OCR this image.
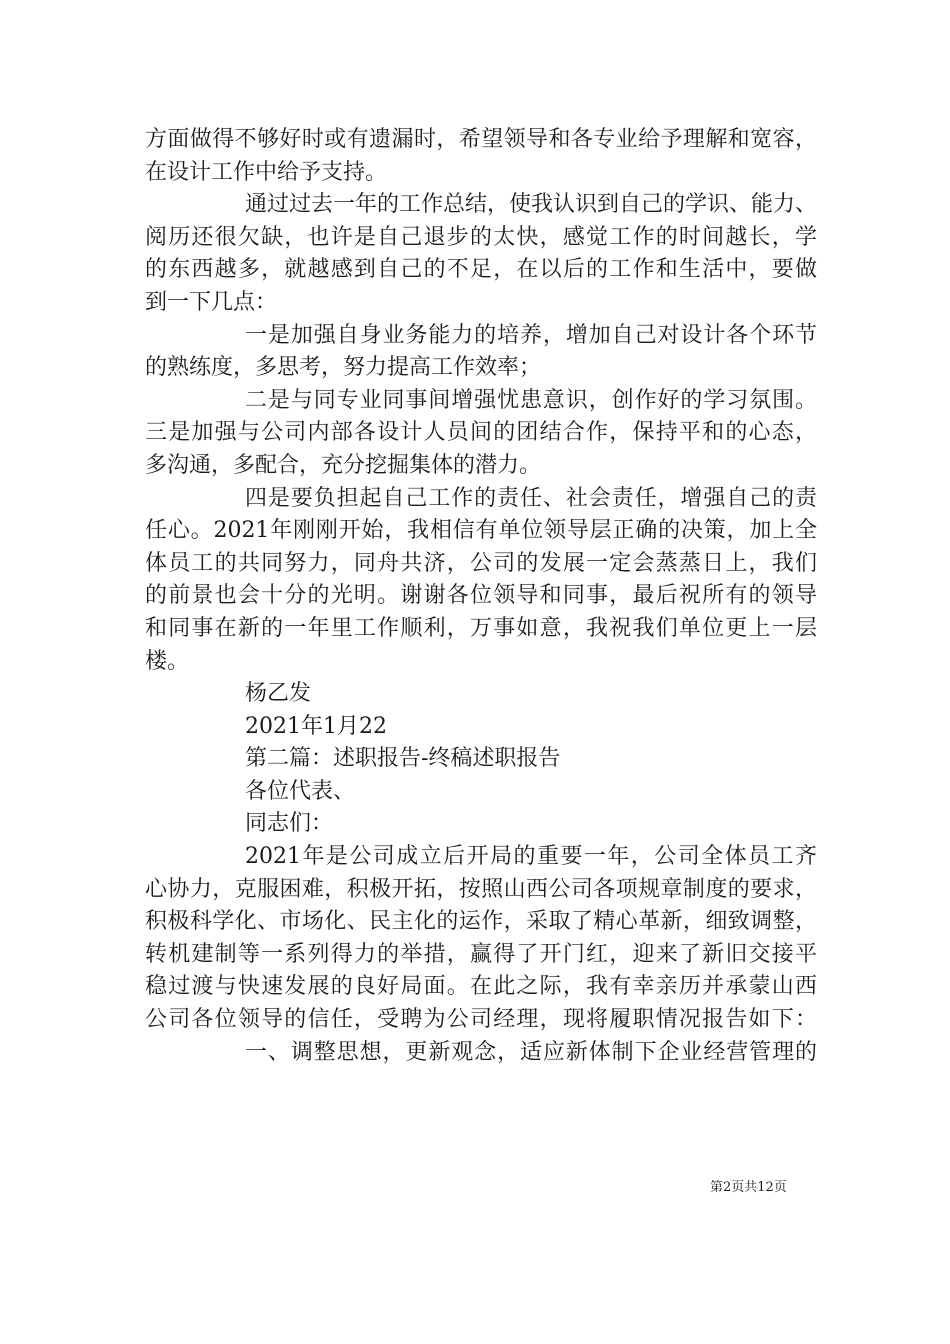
方面做得不够好时或有遗漏时，希望领导和各专业给予理解和宽容，
在设计工作中给予支持。
通过过去一年的工作总结，使我认识到自己的学识、能力、
阅历还很欠缺，也许是自己退步的太快，感觉工作的时间越长，学
的东西越多，就越感到自己的不足，在以后的工作和生活中，要做
到一下几点：
一是加强自身业务能力的培养，增加自己对设计各个环节
的熟练度，多思考，努力提高工作效率；
二是与同专业同事间增强忧患意识，创作好的学习氛围。
三是加强与公司内部各设计人员间的团结合作，保持平和的心态，
多沟通，多配合，充分挖掘集体的潜力。
四是要负担起自己工作的责任、社会责任，增强自己的责
任心。2021年刚刚开始，我相信有单位领导层正确的决策，加上全
体员工的共同努力，同舟共济，公司的发展一定会蒸蒸日上，我们
的前景也会十分的光明。谢谢各位领导和同事，最后祝所有的领导
和同事在新的一年里工作顺利，万事如意，我祝我们单位更上一层
楼。
杨乙发
2021年1月22
第二篇：述职报告-终稿述职报告
各位代表、
同志们：
2021年是公司成立后开局的重要一年，公司全体员工齐
心协力，克服困难，积极开拓，按照山西公司各项规章制度的要求，
积极科学化、市场化、民主化的运作，采取了精心革新，细致调整，
转机建制等一系列得力的举措，赢得了开门红，迎来了新旧交接平
稳过渡与快速发展的良好局面。在此之际，我有幸亲历并承蒙山西
公司各位领导的信任，受聘为公司经理，现将履职情况报告如下：
一、调整思想，更新观念，适应新体制下企业经营管理的
第2页共12页
